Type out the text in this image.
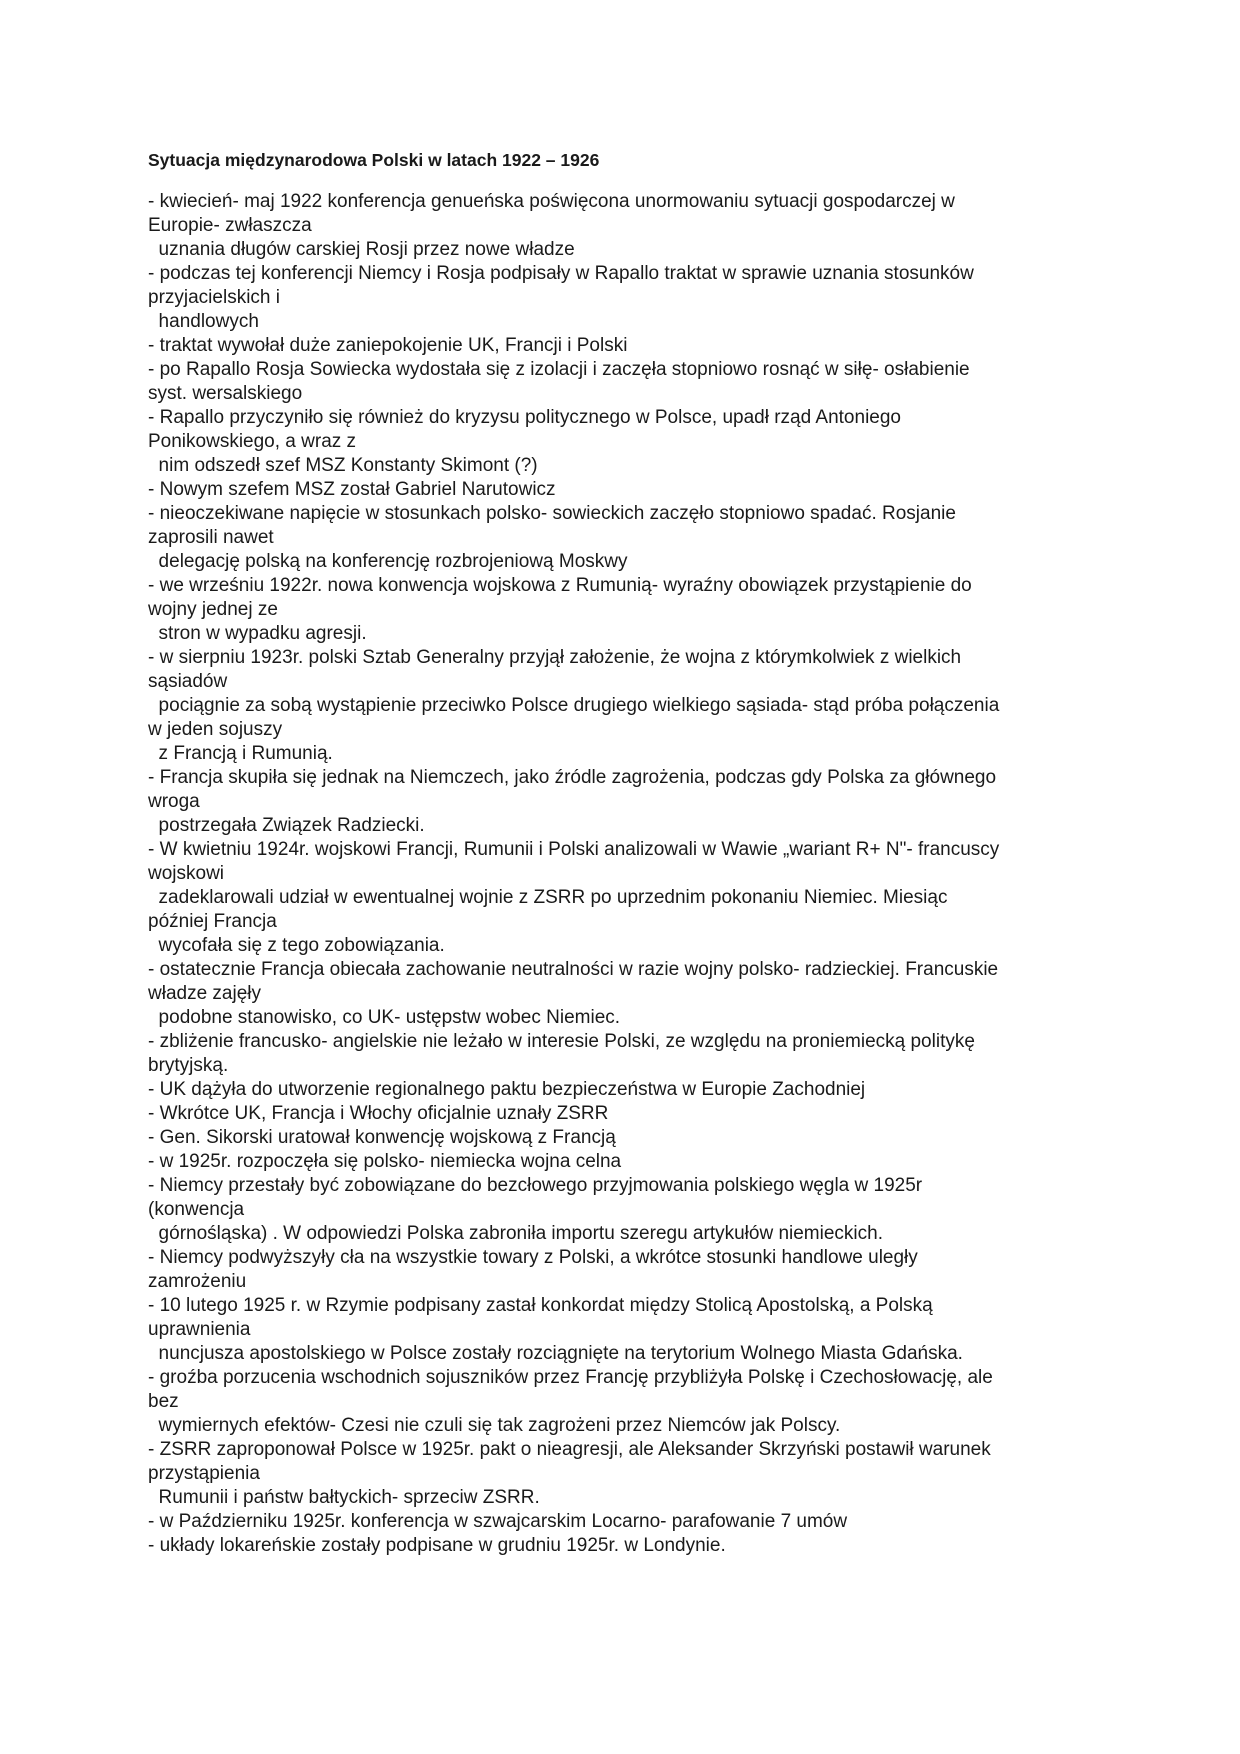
Sytuacja międzynarodowa Polski w latach 1922 – 1926
- kwiecień- maj 1922 konferencja genueńska poświęcona unormowaniu sytuacji gospodarczej w
Europie- zwłaszcza
uznania długów carskiej Rosji przez nowe władze
- podczas tej konferencji Niemcy i Rosja podpisały w Rapallo traktat w sprawie uznania stosunków
przyjacielskich i
handlowych
- traktat wywołał duże zaniepokojenie UK, Francji i Polski
- po Rapallo Rosja Sowiecka wydostała się z izolacji i zaczęła stopniowo rosnąć w siłę- osłabienie
syst. wersalskiego
- Rapallo przyczyniło się również do kryzysu politycznego w Polsce, upadł rząd Antoniego
Ponikowskiego, a wraz z
nim odszedł szef MSZ Konstanty Skimont (?)
- Nowym szefem MSZ został Gabriel Narutowicz
- nieoczekiwane napięcie w stosunkach polsko- sowieckich zaczęło stopniowo spadać. Rosjanie
zaprosili nawet
delegację polską na konferencję rozbrojeniową Moskwy
- we wrześniu 1922r. nowa konwencja wojskowa z Rumunią- wyraźny obowiązek przystąpienie do
wojny jednej ze
stron w wypadku agresji.
- w sierpniu 1923r. polski Sztab Generalny przyjął założenie, że wojna z którymkolwiek z wielkich
sąsiadów
pociągnie za sobą wystąpienie przeciwko Polsce drugiego wielkiego sąsiada- stąd próba połączenia
w jeden sojuszy
z Francją i Rumunią.
- Francja skupiła się jednak na Niemczech, jako źródle zagrożenia, podczas gdy Polska za głównego
wroga
postrzegała Związek Radziecki.
- W kwietniu 1924r. wojskowi Francji, Rumunii i Polski analizowali w Wawie „wariant R+ N"- francuscy
wojskowi
zadeklarowali udział w ewentualnej wojnie z ZSRR po uprzednim pokonaniu Niemiec. Miesiąc
później Francja
wycofała się z tego zobowiązania.
- ostatecznie Francja obiecała zachowanie neutralności w razie wojny polsko- radzieckiej. Francuskie
władze zajęły
podobne stanowisko, co UK- ustępstw wobec Niemiec.
- zbliżenie francusko- angielskie nie leżało w interesie Polski, ze względu na proniemiecką politykę
brytyjską.
- UK dążyła do utworzenie regionalnego paktu bezpieczeństwa w Europie Zachodniej
- Wkrótce UK, Francja i Włochy oficjalnie uznały ZSRR
- Gen. Sikorski uratował konwencję wojskową z Francją
- w 1925r. rozpoczęła się polsko- niemiecka wojna celna
- Niemcy przestały być zobowiązane do bezcłowego przyjmowania polskiego węgla w 1925r
(konwencja
górnośląska) . W odpowiedzi Polska zabroniła importu szeregu artykułów niemieckich.
- Niemcy podwyższyły cła na wszystkie towary z Polski, a wkrótce stosunki handlowe uległy
zamrożeniu
- 10 lutego 1925 r. w Rzymie podpisany zastał konkordat między Stolicą Apostolską, a Polską
uprawnienia
nuncjusza apostolskiego w Polsce zostały rozciągnięte na terytorium Wolnego Miasta Gdańska.
- groźba porzucenia wschodnich sojuszników przez Francję przybliżyła Polskę i Czechosłowację, ale
bez
wymiernych efektów- Czesi nie czuli się tak zagrożeni przez Niemców jak Polscy.
- ZSRR zaproponował Polsce w 1925r. pakt o nieagresji, ale Aleksander Skrzyński postawił warunek
przystąpienia
Rumunii i państw bałtyckich- sprzeciw ZSRR.
- w Październiku 1925r. konferencja w szwajcarskim Locarno- parafowanie 7 umów
- układy lokareńskie zostały podpisane w grudniu 1925r. w Londynie.
